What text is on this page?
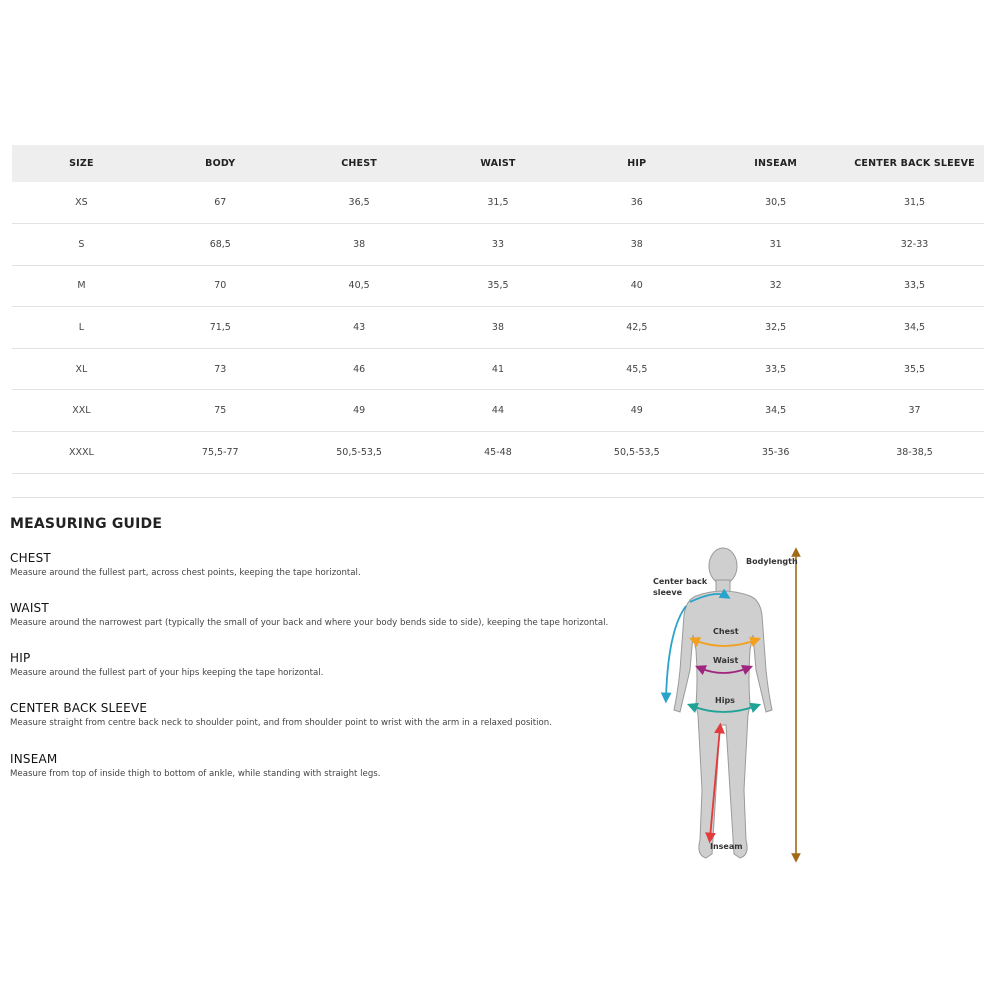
SIZE	BODY	CHEST	WAIST	HIP	INSEAM	CENTER BACK SLEEVE
XS	67	36,5	31,5	36	30,5	31,5
S	68,5	38	33	38	31	32-33
M	70	40,5	35,5	40	32	33,5
L	71,5	43	38	42,5	32,5	34,5
XL	73	46	41	45,5	33,5	35,5
XXL	75	49	44	49	34,5	37
XXXL	75,5-77	50,5-53,5	45-48	50,5-53,5	35-36	38-38,5
MEASURING GUIDE

CHEST

Measure around the fullest part, across chest points, keeping the tape horizontal.

WAIST

Measure around the narrowest part (typically the small of your back and where your body bends side to side), keeping the tape horizontal.

HIP

Measure around the fullest part of your hips keeping the tape horizontal.

CENTER BACK SLEEVE

Measure straight from centre back neck to shoulder point, and from shoulder point to wrist with the arm in a relaxed position.

INSEAM

Measure from top of inside thigh to bottom of ankle, while standing with straight legs.

Bodylength
Center back
sleeve
Chest
Waist
Hips
Inseam
